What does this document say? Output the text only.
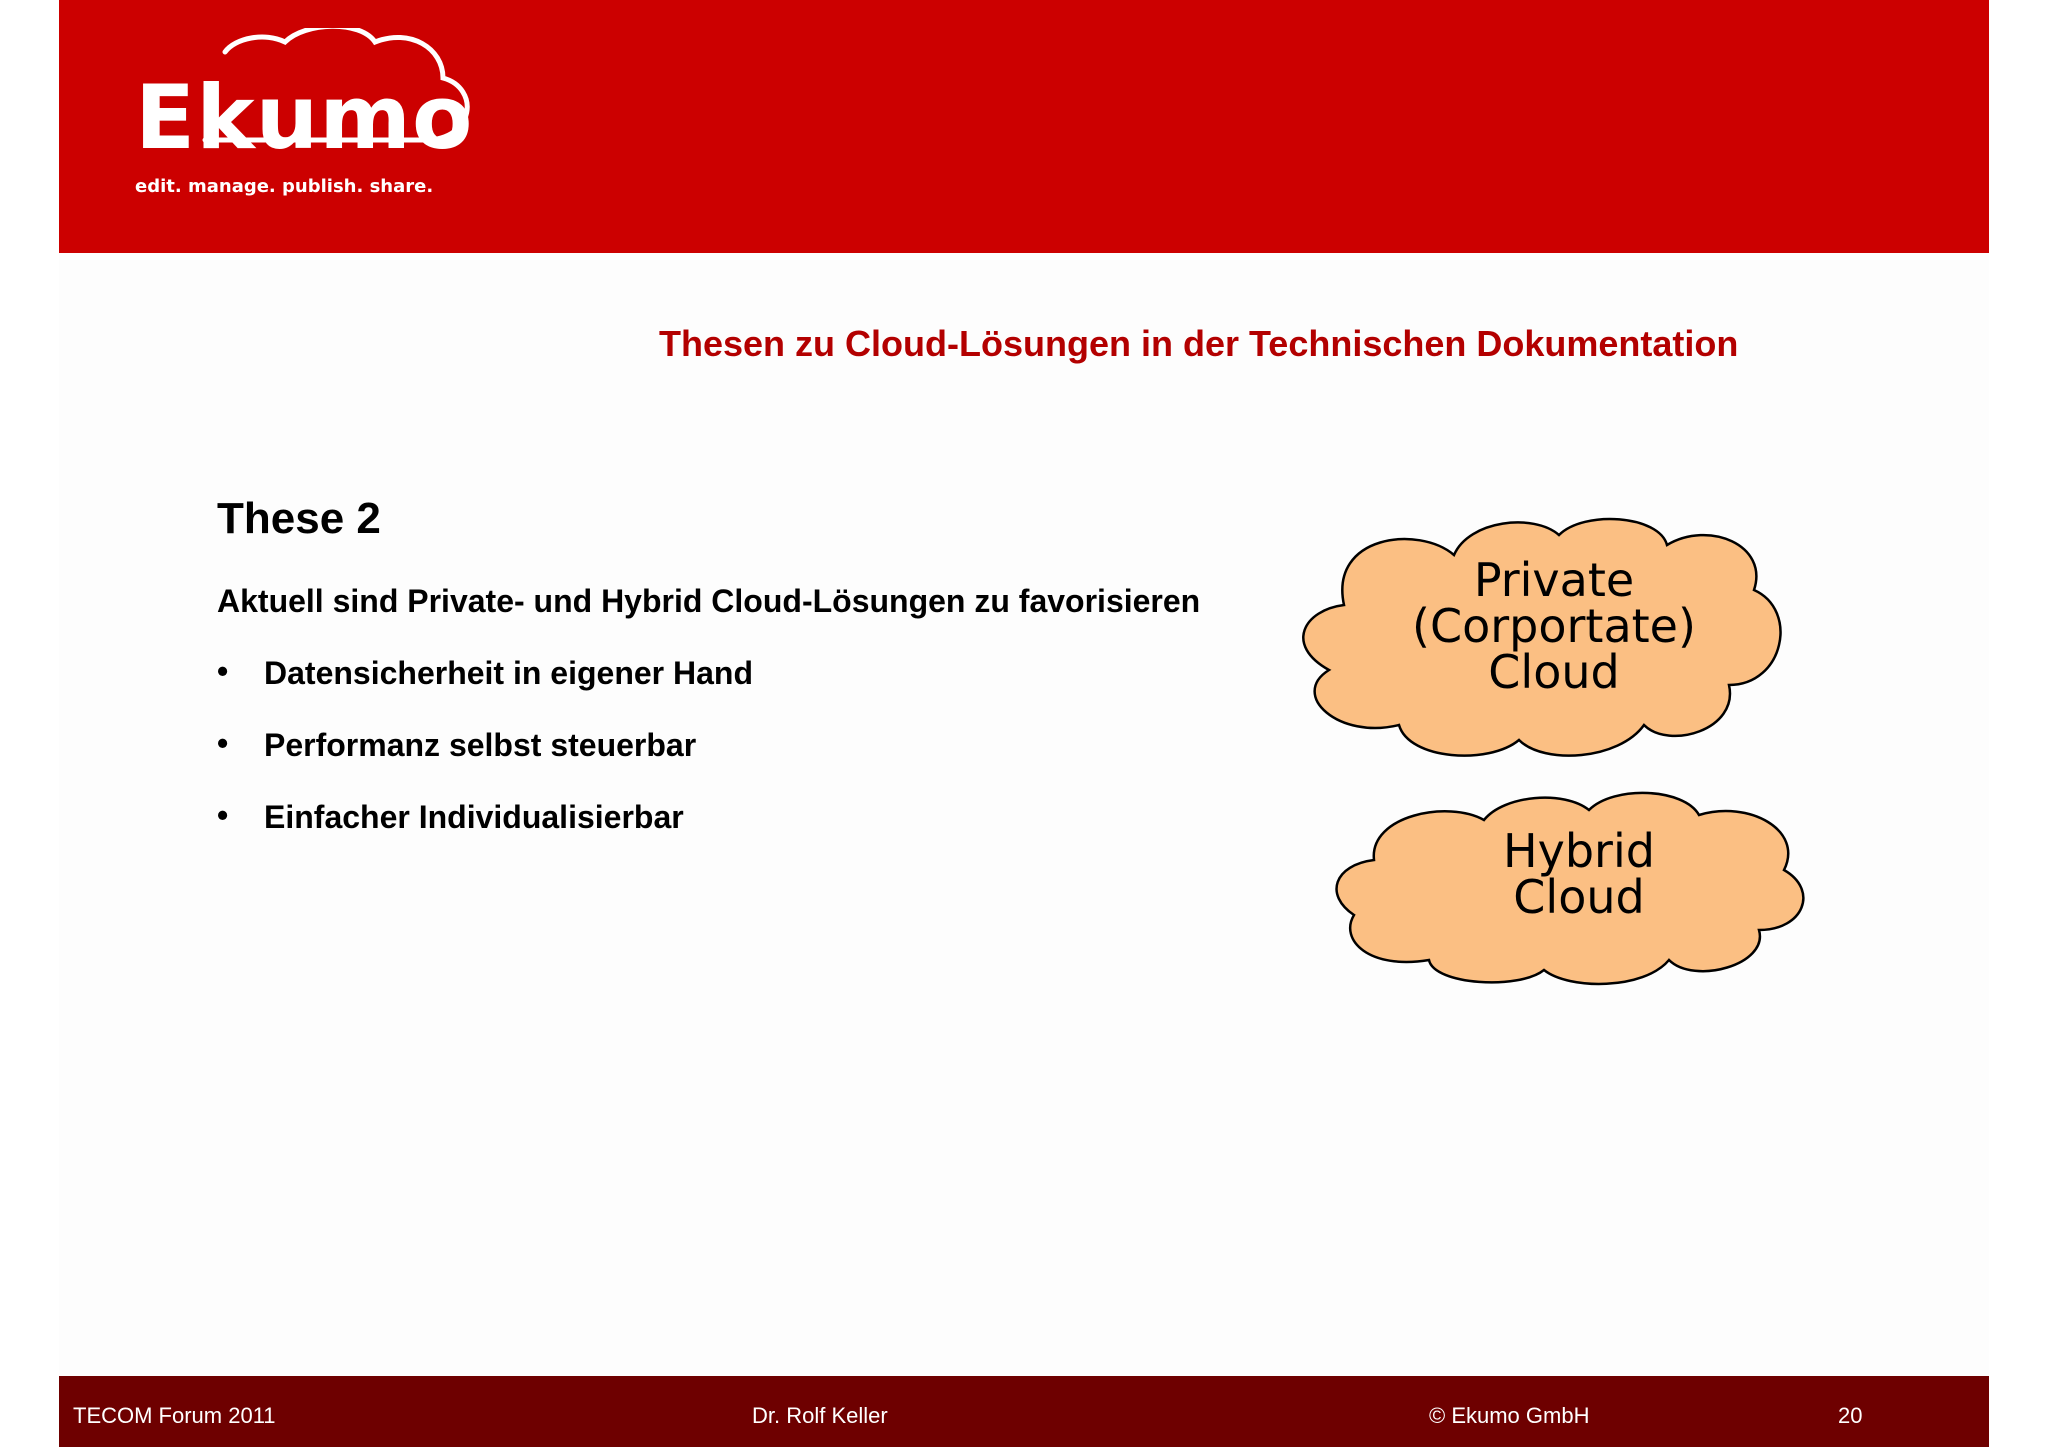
Ekumo
edit. manage. publish. share.
Thesen zu Cloud-Lösungen in der Technischen Dokumentation
These 2
Aktuell sind Private- und Hybrid Cloud-Lösungen zu favorisieren
• Datensicherheit in eigener Hand
• Performanz selbst steuerbar
• Einfacher Individualisierbar
Private
(Corportate)
Cloud
Hybrid
Cloud
TECOM Forum 2011	Dr. Rolf Keller	© Ekumo GmbH	20
